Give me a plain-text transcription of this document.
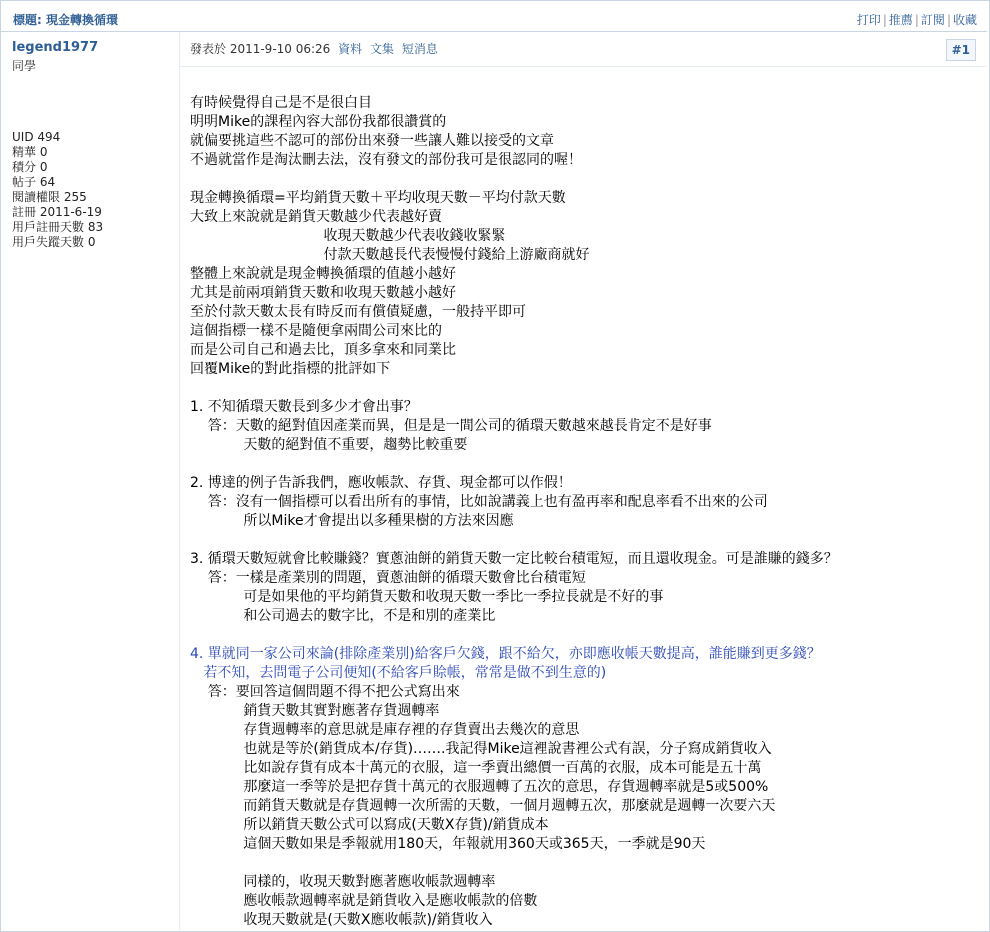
標題: 現金轉換循環	打印 | 推薦 | 訂閱 | 收藏
legend1977
同學
UID 494
精華 0
積分 0
帖子 64
閱讀權限 255
註冊 2011-6-19
用戶註冊天數 83
用戶失蹤天數 0
發表於 2011-9-10 06:26 資料 文集 短消息	#1
有時候覺得自己是不是很白目
明明Mike的課程內容大部份我都很讚賞的
就偏要挑這些不認可的部份出來發一些讓人難以接受的文章
不過就當作是淘汰刪去法，沒有發文的部份我可是很認同的喔！
現金轉換循環=平均銷貨天數＋平均收現天數－平均付款天數
大致上來說就是銷貨天數越少代表越好賣
收現天數越少代表收錢收緊緊
付款天數越長代表慢慢付錢給上游廠商就好
整體上來說就是現金轉換循環的值越小越好
尤其是前兩項銷貨天數和收現天數越小越好
至於付款天數太長有時反而有償債疑慮，一般持平即可
這個指標一樣不是隨便拿兩間公司來比的
而是公司自己和過去比，頂多拿來和同業比
回覆Mike的對此指標的批評如下
1. 不知循環天數長到多少才會出事？
答：天數的絕對值因產業而異，但是是一間公司的循環天數越來越長肯定不是好事
天數的絕對值不重要，趨勢比較重要
2. 博達的例子告訴我們，應收帳款、存貨、現金都可以作假！
答：沒有一個指標可以看出所有的事情，比如說講義上也有盈再率和配息率看不出來的公司
所以Mike才會提出以多種果樹的方法來因應
3. 循環天數短就會比較賺錢？實蔥油餅的銷貨天數一定比較台積電短，而且還收現金。可是誰賺的錢多？
答：一樣是產業別的問題，賣蔥油餅的循環天數會比台積電短
可是如果他的平均銷貨天數和收現天數一季比一季拉長就是不好的事
和公司過去的數字比，不是和別的產業比
4. 單就同一家公司來論(排除產業別)給客戶欠錢，跟不給欠，亦即應收帳天數提高，誰能賺到更多錢？
若不知，去問電子公司便知(不給客戶賒帳，常常是做不到生意的)
答：要回答這個問題不得不把公式寫出來
銷貨天數其實對應著存貨週轉率
存貨週轉率的意思就是庫存裡的存貨賣出去幾次的意思
也就是等於(銷貨成本/存貨)…….我記得Mike這裡說書裡公式有誤，分子寫成銷貨收入
比如說存貨有成本十萬元的衣服，這一季賣出總價一百萬的衣服，成本可能是五十萬
那麼這一季等於是把存貨十萬元的衣服週轉了五次的意思，存貨週轉率就是5或500%
而銷貨天數就是存貨週轉一次所需的天數，一個月週轉五次，那麼就是週轉一次要六天
所以銷貨天數公式可以寫成(天數X存貨)/銷貨成本
這個天數如果是季報就用180天，年報就用360天或365天，一季就是90天
同樣的，收現天數對應著應收帳款週轉率
應收帳款週轉率就是銷貨收入是應收帳款的倍數
收現天數就是(天數X應收帳款)/銷貨收入
